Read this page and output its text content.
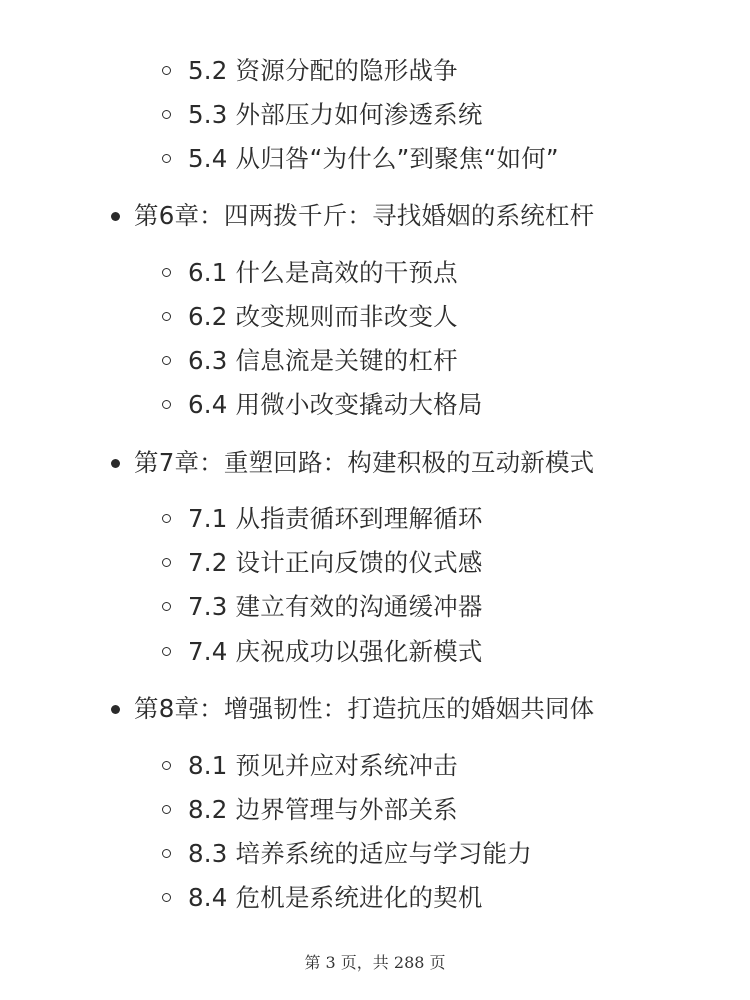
5.2 资源分配的隐形战争
5.3 外部压力如何渗透系统
5.4 从归咎“为什么”到聚焦“如何”
第6章：四两拨千斤：寻找婚姻的系统杠杆
6.1 什么是高效的干预点
6.2 改变规则而非改变人
6.3 信息流是关键的杠杆
6.4 用微小改变撬动大格局
第7章：重塑回路：构建积极的互动新模式
7.1 从指责循环到理解循环
7.2 设计正向反馈的仪式感
7.3 建立有效的沟通缓冲器
7.4 庆祝成功以强化新模式
第8章：增强韧性：打造抗压的婚姻共同体
8.1 预见并应对系统冲击
8.2 边界管理与外部关系
8.3 培养系统的适应与学习能力
8.4 危机是系统进化的契机
第 3 页，共 288 页
